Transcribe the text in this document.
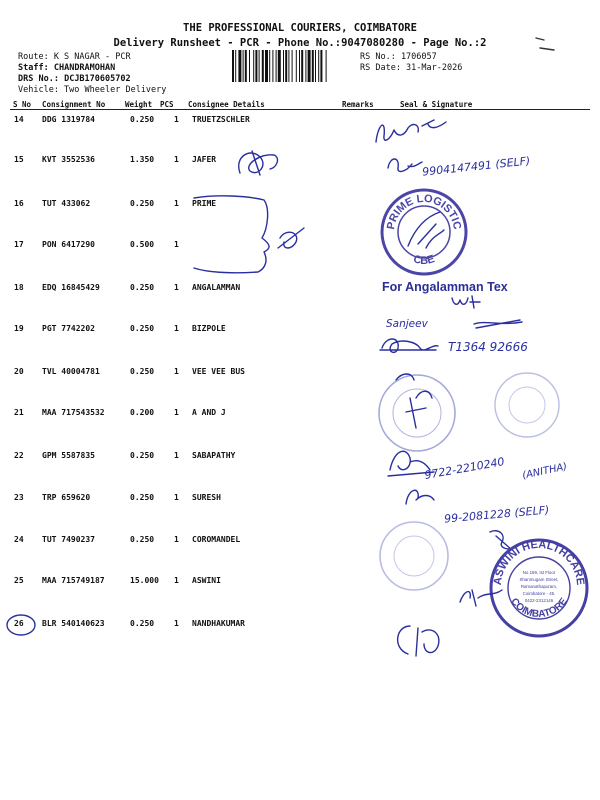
THE PROFESSIONAL COURIERS, COIMBATORE
Delivery Runsheet - PCR - Phone No.:9047080280 - Page No.:2
Route: K S NAGAR - PCR
Staff: CHANDRAMOHAN
DRS No.: DCJB170605702
Vehicle: Two Wheeler Delivery
RS No.: 1706057
RS Date: 31-Mar-2026
S No Consignment No	Weight PCS Consignee Details	Remarks	Seal & Signature
14 DDG 1319784	0.250 1 TRUETZSCHLER
15 KVT 3552536	1.350 1 JAFER
16 TUT 433062	0.250 1 PRIME
17 PON 6417290	0.500 1
18 EDQ 16845429	0.250 1 ANGALAMMAN
19 PGT 7742202	0.250 1 BIZPOLE
20 TVL 40004781	0.250 1 VEE VEE BUS
21 MAA 717543532	0.200 1 A AND J
22 GPM 5587835	0.250 1 SABAPATHY
23 TRP 659620	0.250 1 SURESH
24 TUT 7490237	0.250 1 COROMANDEL
25 MAA 715749187	15.000 1 ASWINI
26 BLR 540140623	0.250 1 NANDHAKUMAR
9904147491 (SELF)
PRIME LOGISTIC
CBE
For Angalamman Tex
Sanjeev
T1364 92666
9722-2210240 (ANITHA)
99-2081228 (SELF)
ASWINI HEALTHCARE
COIMBATORE
No.189, Ist Floor
Shanmugam Street,
Ramanathapuram,
Coimbatore - 45.
0422-2312146
